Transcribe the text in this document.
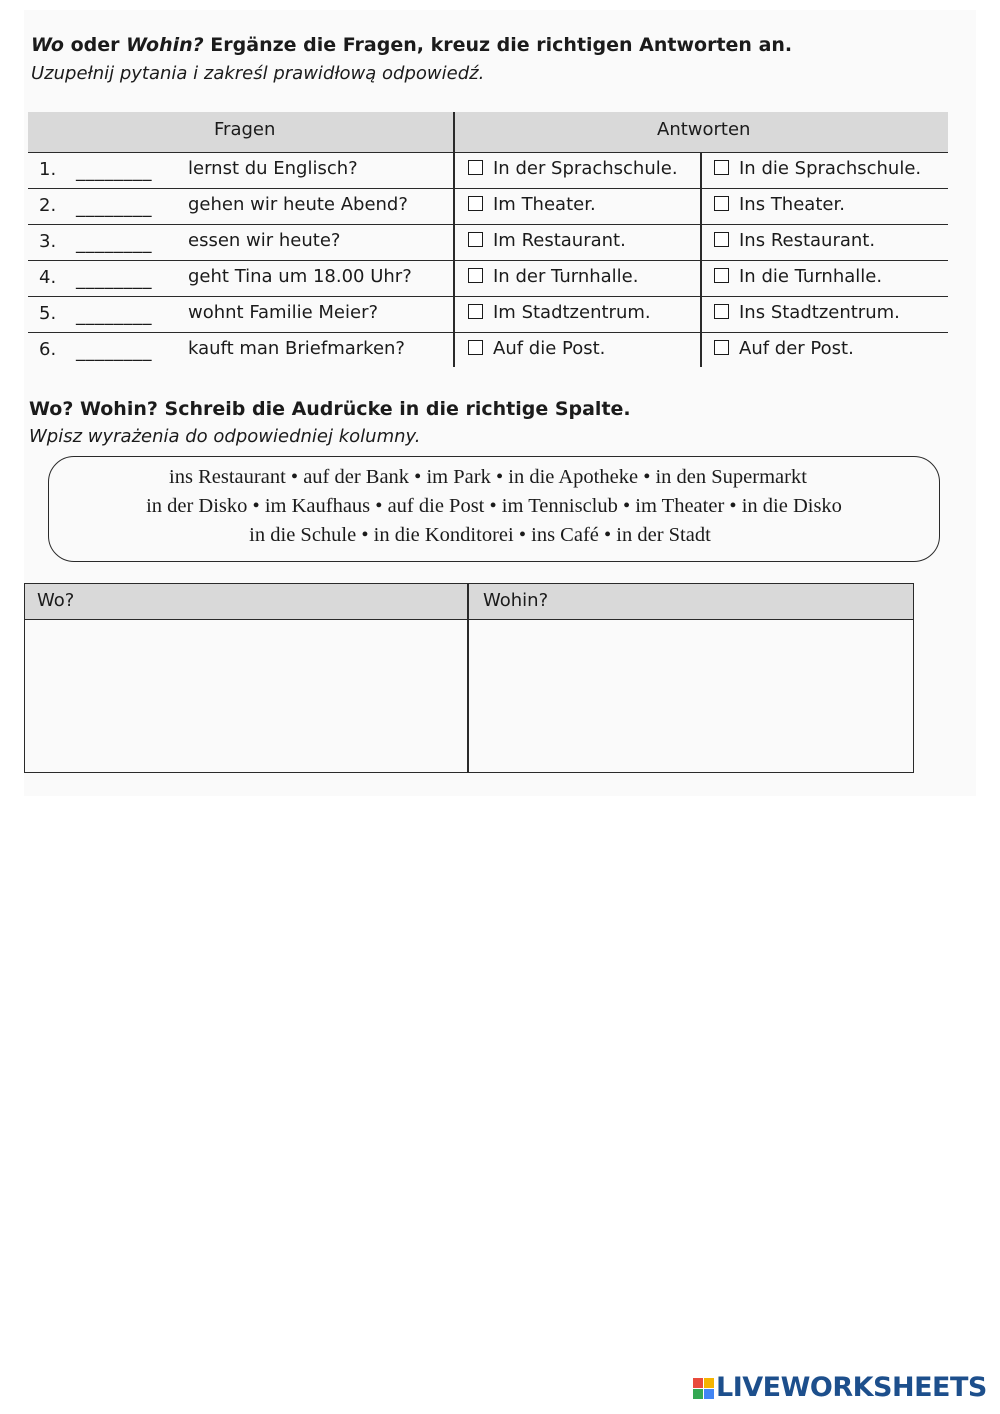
Wo oder Wohin? Ergänze die Fragen, kreuz die richtigen Antworten an.
Uzupełnij pytania i zakreśl prawidłową odpowiedź.
Fragen	Antworten
1. ________ lernst du Englisch?	In der Sprachschule.	In die Sprachschule.
2. ________ gehen wir heute Abend?	Im Theater.	Ins Theater.
3. ________ essen wir heute?	Im Restaurant.	Ins Restaurant.
4. ________ geht Tina um 18.00 Uhr?	In der Turnhalle.	In die Turnhalle.
5. ________ wohnt Familie Meier?	Im Stadtzentrum.	Ins Stadtzentrum.
6. ________ kauft man Briefmarken?	Auf die Post.	Auf der Post.
Wo? Wohin? Schreib die Audrücke in die richtige Spalte.
Wpisz wyrażenia do odpowiedniej kolumny.
ins Restaurant • auf der Bank • im Park • in die Apotheke • in den Supermarkt
in der Disko • im Kaufhaus • auf die Post • im Tennisclub • im Theater • in die Disko
in die Schule • in die Konditorei • ins Café • in der Stadt
Wo?	Wohin?
LIVEWORKSHEETS
